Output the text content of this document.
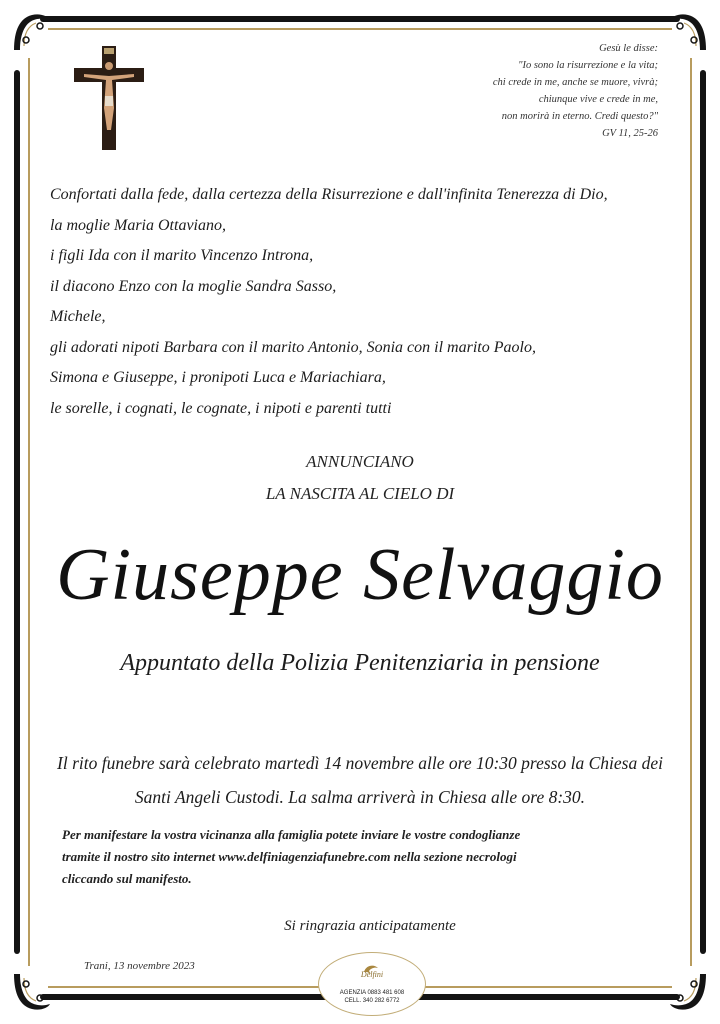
Gesù le disse:
"Io sono la risurrezione e la vita;
chi crede in me, anche se muore, vivrà;
chiunque vive e crede in me,
non morirà in eterno. Credi questo?"
GV 11, 25-26
Confortati dalla fede, dalla certezza della Risurrezione e dall'infinita Tenerezza di Dio,
la moglie Maria Ottaviano,
i figli Ida con il marito Vincenzo Introna,
il diacono Enzo con la moglie Sandra Sasso,
Michele,
gli adorati nipoti Barbara con il marito Antonio, Sonia con il marito Paolo,
Simona e Giuseppe, i pronipoti Luca e Mariachiara,
le sorelle, i cognati, le cognate, i nipoti e parenti tutti
ANNUNCIANO
LA NASCITA AL CIELO DI
Giuseppe Selvaggio
Appuntato della Polizia Penitenziaria in pensione
Il rito funebre sarà celebrato martedì 14 novembre alle ore 10:30 presso la Chiesa dei
Santi Angeli Custodi. La salma arriverà in Chiesa alle ore 8:30.
Per manifestare la vostra vicinanza alla famiglia potete inviare le vostre condoglianze
tramite il nostro sito internet www.delfiniagenziafunebre.com nella sezione necrologi
cliccando sul manifesto.
Si ringrazia anticipatamente
Trani, 13 novembre 2023
Delfini
AGENZIA 0883 481 608
CELL. 340 282 6772
